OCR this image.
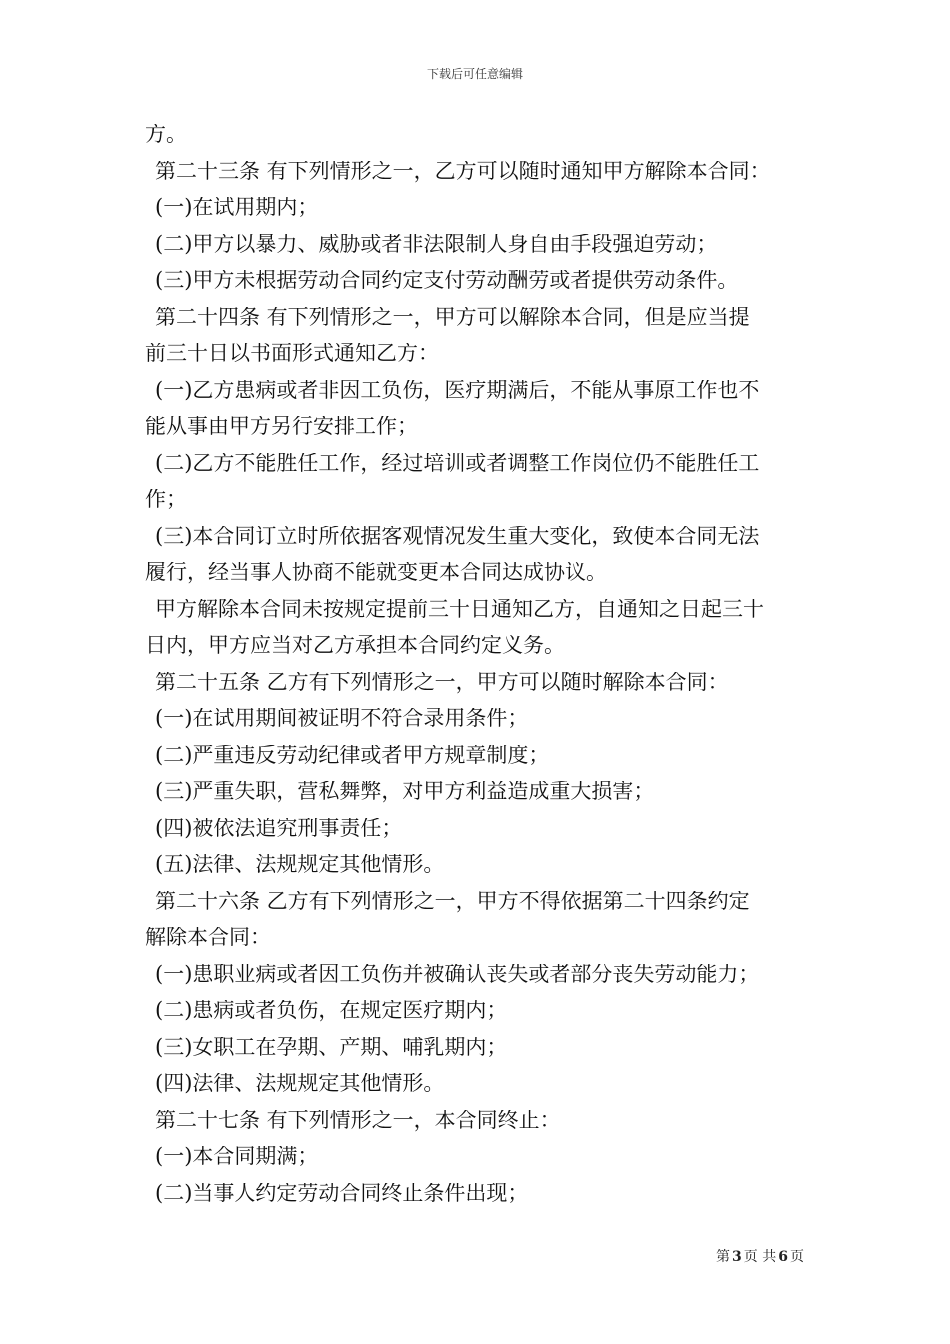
下载后可任意编辑
方。
第二十三条 有下列情形之一，乙方可以随时通知甲方解除本合同：
(一)在试用期内；
(二)甲方以暴力、威胁或者非法限制人身自由手段强迫劳动；
(三)甲方未根据劳动合同约定支付劳动酬劳或者提供劳动条件。
第二十四条 有下列情形之一，甲方可以解除本合同，但是应当提
前三十日以书面形式通知乙方：
(一)乙方患病或者非因工负伤，医疗期满后，不能从事原工作也不
能从事由甲方另行安排工作；
(二)乙方不能胜任工作，经过培训或者调整工作岗位仍不能胜任工
作；
(三)本合同订立时所依据客观情况发生重大变化，致使本合同无法
履行，经当事人协商不能就变更本合同达成协议。
甲方解除本合同未按规定提前三十日通知乙方，自通知之日起三十
日内，甲方应当对乙方承担本合同约定义务。
第二十五条 乙方有下列情形之一，甲方可以随时解除本合同：
(一)在试用期间被证明不符合录用条件；
(二)严重违反劳动纪律或者甲方规章制度；
(三)严重失职，营私舞弊，对甲方利益造成重大损害；
(四)被依法追究刑事责任；
(五)法律、法规规定其他情形。
第二十六条 乙方有下列情形之一，甲方不得依据第二十四条约定
解除本合同：
(一)患职业病或者因工负伤并被确认丧失或者部分丧失劳动能力；
(二)患病或者负伤，在规定医疗期内；
(三)女职工在孕期、产期、哺乳期内；
(四)法律、法规规定其他情形。
第二十七条 有下列情形之一，本合同终止：
(一)本合同期满；
(二)当事人约定劳动合同终止条件出现；
第 3 页 共 6 页
